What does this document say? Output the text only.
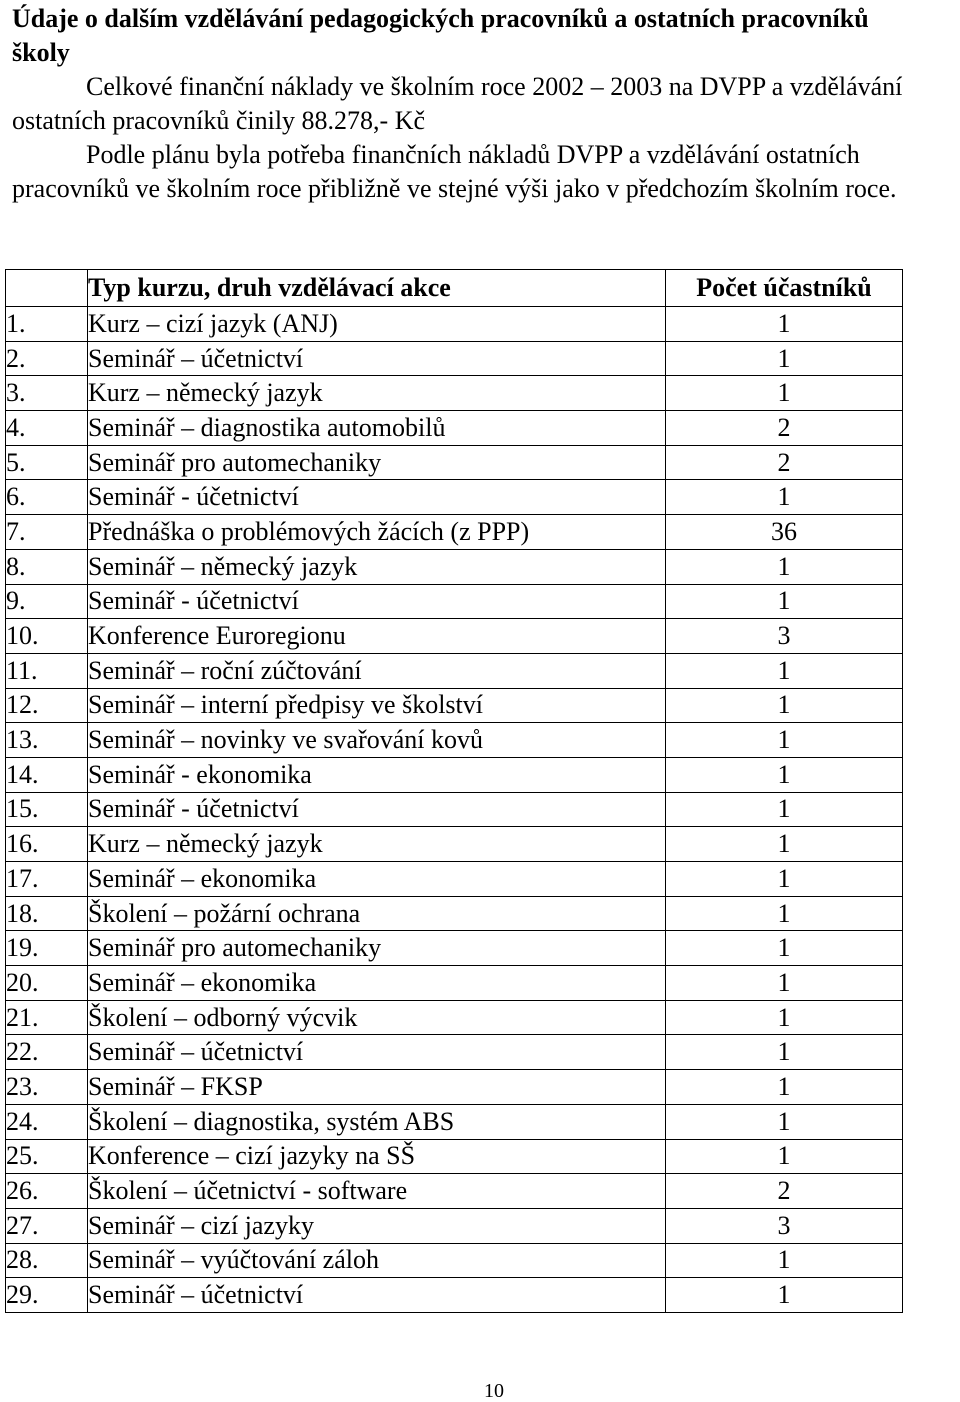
Údaje o dalším vzdělávání pedagogických pracovníků a ostatních pracovníků školy

Celkové finanční náklady ve školním roce 2002 – 2003 na DVPP a vzdělávání ostatních pracovníků činily 88.278,- Kč

Podle plánu byla potřeba finančních nákladů DVPP a vzdělávání ostatních pracovníků ve školním roce přibližně ve stejné výši jako v předchozím školním roce.

	Typ kurzu, druh vzdělávací akce	Počet účastníků
1.	Kurz – cizí jazyk (ANJ)	1
2.	Seminář – účetnictví	1
3.	Kurz – německý jazyk	1
4.	Seminář – diagnostika automobilů	2
5.	Seminář pro automechaniky	2
6.	Seminář - účetnictví	1
7.	Přednáška o problémových žácích (z PPP)	36
8.	Seminář – německý jazyk	1
9.	Seminář - účetnictví	1
10.	Konference Euroregionu	3
11.	Seminář – roční zúčtování	1
12.	Seminář – interní předpisy ve školství	1
13.	Seminář – novinky ve svařování kovů	1
14.	Seminář - ekonomika	1
15.	Seminář - účetnictví	1
16.	Kurz – německý jazyk	1
17.	Seminář – ekonomika	1
18.	Školení – požární ochrana	1
19.	Seminář pro automechaniky	1
20.	Seminář – ekonomika	1
21.	Školení – odborný výcvik	1
22.	Seminář – účetnictví	1
23.	Seminář – FKSP	1
24.	Školení – diagnostika, systém ABS	1
25.	Konference – cizí jazyky na SŠ	1
26.	Školení – účetnictví - software	2
27.	Seminář – cizí jazyky	3
28.	Seminář – vyúčtování záloh	1
29.	Seminář – účetnictví	1
10
